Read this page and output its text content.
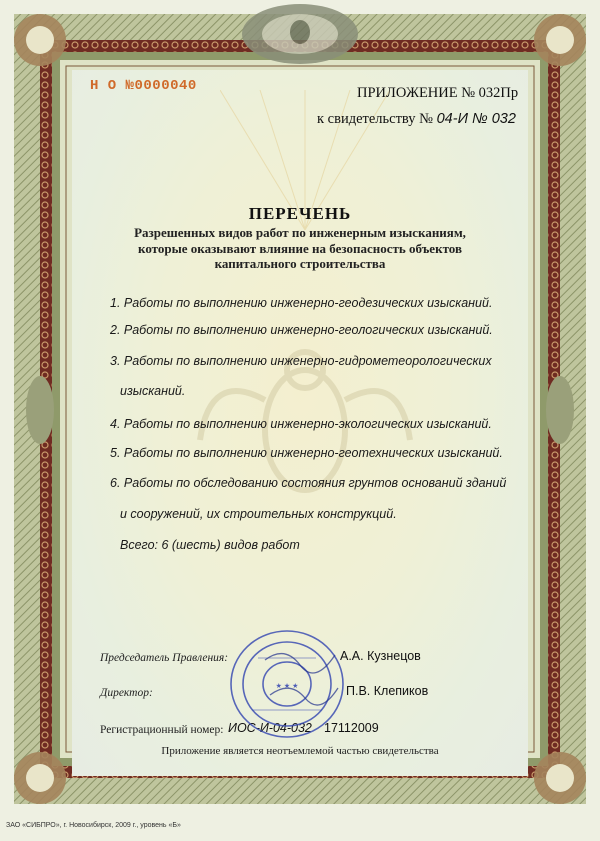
Н О №0000040	ПРИЛОЖЕНИЕ № 032Пр
к свидетельству № 04-И № 032
ПЕРЕЧЕНЬ
Разрешенных видов работ по инженерным изысканиям,
которые оказывают влияние на безопасность объектов
капитального строительства
1. Работы по выполнению инженерно-геодезических изысканий.
2. Работы по выполнению инженерно-геологических изысканий.
3. Работы по выполнению инженерно-гидрометеорологических
изысканий.
4. Работы по выполнению инженерно-экологических изысканий.
5. Работы по выполнению инженерно-геотехнических изысканий.
6. Работы по обследованию состояния грунтов оснований зданий
и сооружений, их строительных конструкций.
Всего: 6 (шесть) видов работ
Председатель Правления:	А.А. Кузнецов
Директор:	П.В. Клепиков
Регистрационный номер: ИОС-И-04-032 17112009
★ ★ ★
Приложение является неотъемлемой частью свидетельства
ЗАО «СИБПРО», г. Новосибирск, 2009 г., уровень «Б»
